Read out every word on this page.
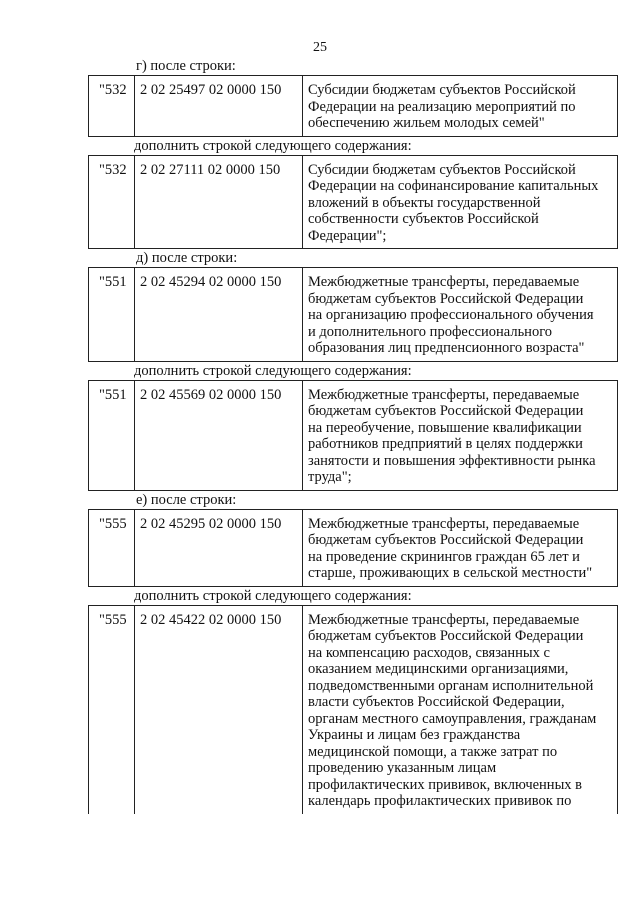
25
г) после строки:
"532 2 02 25497 02 0000 150	Субсидии бюджетам субъектов Российской
Федерации на реализацию мероприятий по
обеспечению жильем молодых семей"
дополнить строкой следующего содержания:
"532 2 02 27111 02 0000 150	Субсидии бюджетам субъектов Российской
Федерации на софинансирование капитальных
вложений в объекты государственной
собственности субъектов Российской
Федерации";
д) после строки:
"551 2 02 45294 02 0000 150	Межбюджетные трансферты, передаваемые
бюджетам субъектов Российской Федерации
на организацию профессионального обучения
и дополнительного профессионального
образования лиц предпенсионного возраста"
дополнить строкой следующего содержания:
"551 2 02 45569 02 0000 150	Межбюджетные трансферты, передаваемые
бюджетам субъектов Российской Федерации
на переобучение, повышение квалификации
работников предприятий в целях поддержки
занятости и повышения эффективности рынка
труда";
е) после строки:
"555 2 02 45295 02 0000 150	Межбюджетные трансферты, передаваемые
бюджетам субъектов Российской Федерации
на проведение скринингов граждан 65 лет и
старше, проживающих в сельской местности"
дополнить строкой следующего содержания:
"555 2 02 45422 02 0000 150	Межбюджетные трансферты, передаваемые
бюджетам субъектов Российской Федерации
на компенсацию расходов, связанных с
оказанием медицинскими организациями,
подведомственными органам исполнительной
власти субъектов Российской Федерации,
органам местного самоуправления, гражданам
Украины и лицам без гражданства
медицинской помощи, а также затрат по
проведению указанным лицам
профилактических прививок, включенных в
календарь профилактических прививок по
